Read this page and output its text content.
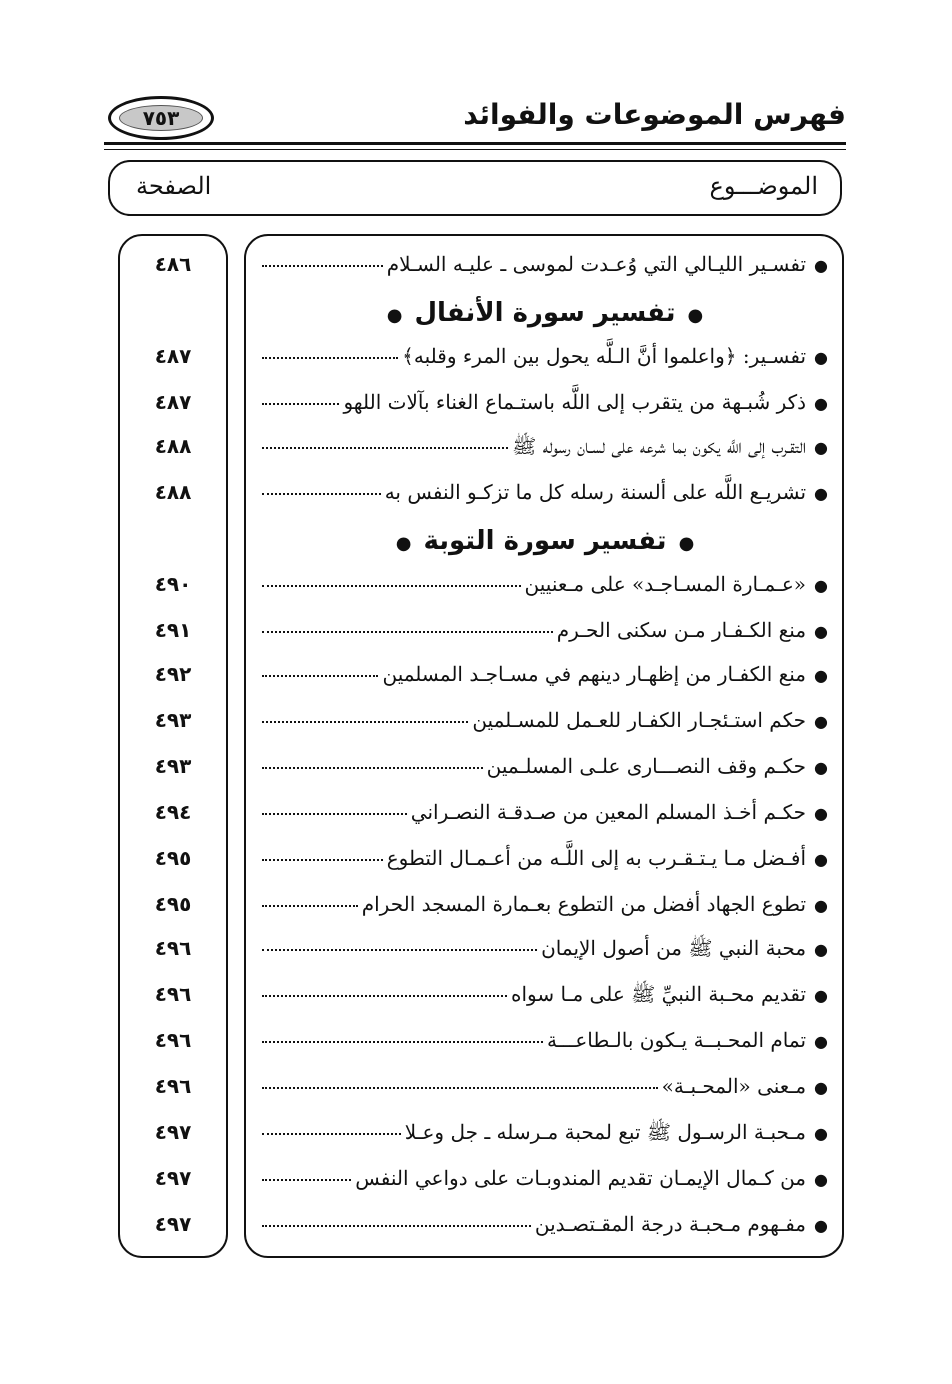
فهرس الموضوعات والفوائد
٧٥٣
الموضـــوع
الصفحة
●
تفسـير الليـالي التي وُعـدت لموسى ـ عليـه السـلام
٤٨٦
●
تفسير سورة الأنفال
●
●
تفسـير: ﴿واعلموا أنَّ الـلَّه يحول بين المرء وقلبه﴾
٤٨٧
●
ذكر شُبـهة من يتقرب إلى اللَّه باستـماع الغناء بآلات اللهو
٤٨٧
●
التقـرب إلى اللَّه يكون بما شرعه على لسـان رسوله ﷺ
٤٨٨
●
تشريـع اللَّه على ألسنة رسله كل ما تزكـو النفس به
٤٨٨
●
تفسير سورة التوبة
●
●
«عـمـارة المسـاجـد» على مـعنيين
٤٩٠
●
منع الكـفـار مـن سكنى الحـرم
٤٩١
●
منع الكفـار من إظهـار دينهم في مسـاجـد المسلمين
٤٩٢
●
حكم استـئجـار الكفـار للعـمل للمسـلمين
٤٩٣
●
حكـم وقف النصـــارى علـى المسلـمين
٤٩٣
●
حكـم أخـذ المسلم المعين من صـدقـة النصـراني
٤٩٤
●
أفـضل مـا يـتـقـرب به إلى اللَّـه من أعـمـال التطوع
٤٩٥
●
تطوع الجهاد أفضل من التطوع بعـمارة المسجد الحرام
٤٩٥
●
محبة النبي ﷺ من أصول الإيمان
٤٩٦
●
تقديم محـبة النبيِّ ﷺ على مـا سواه
٤٩٦
●
تمام المحـبــة يـكون بالـطاعـــة
٤٩٦
●
مـعنى «المحـبـة»
٤٩٦
●
مـحبـة الرسـول ﷺ تبع لمحبة مـرسله ـ جل وعـلا
٤٩٧
●
من كـمال الإيمـان تقديم المندوبـات على دواعي النفس
٤٩٧
●
مفـهوم مـحبـة درجة المقـتصـدين
٤٩٧
